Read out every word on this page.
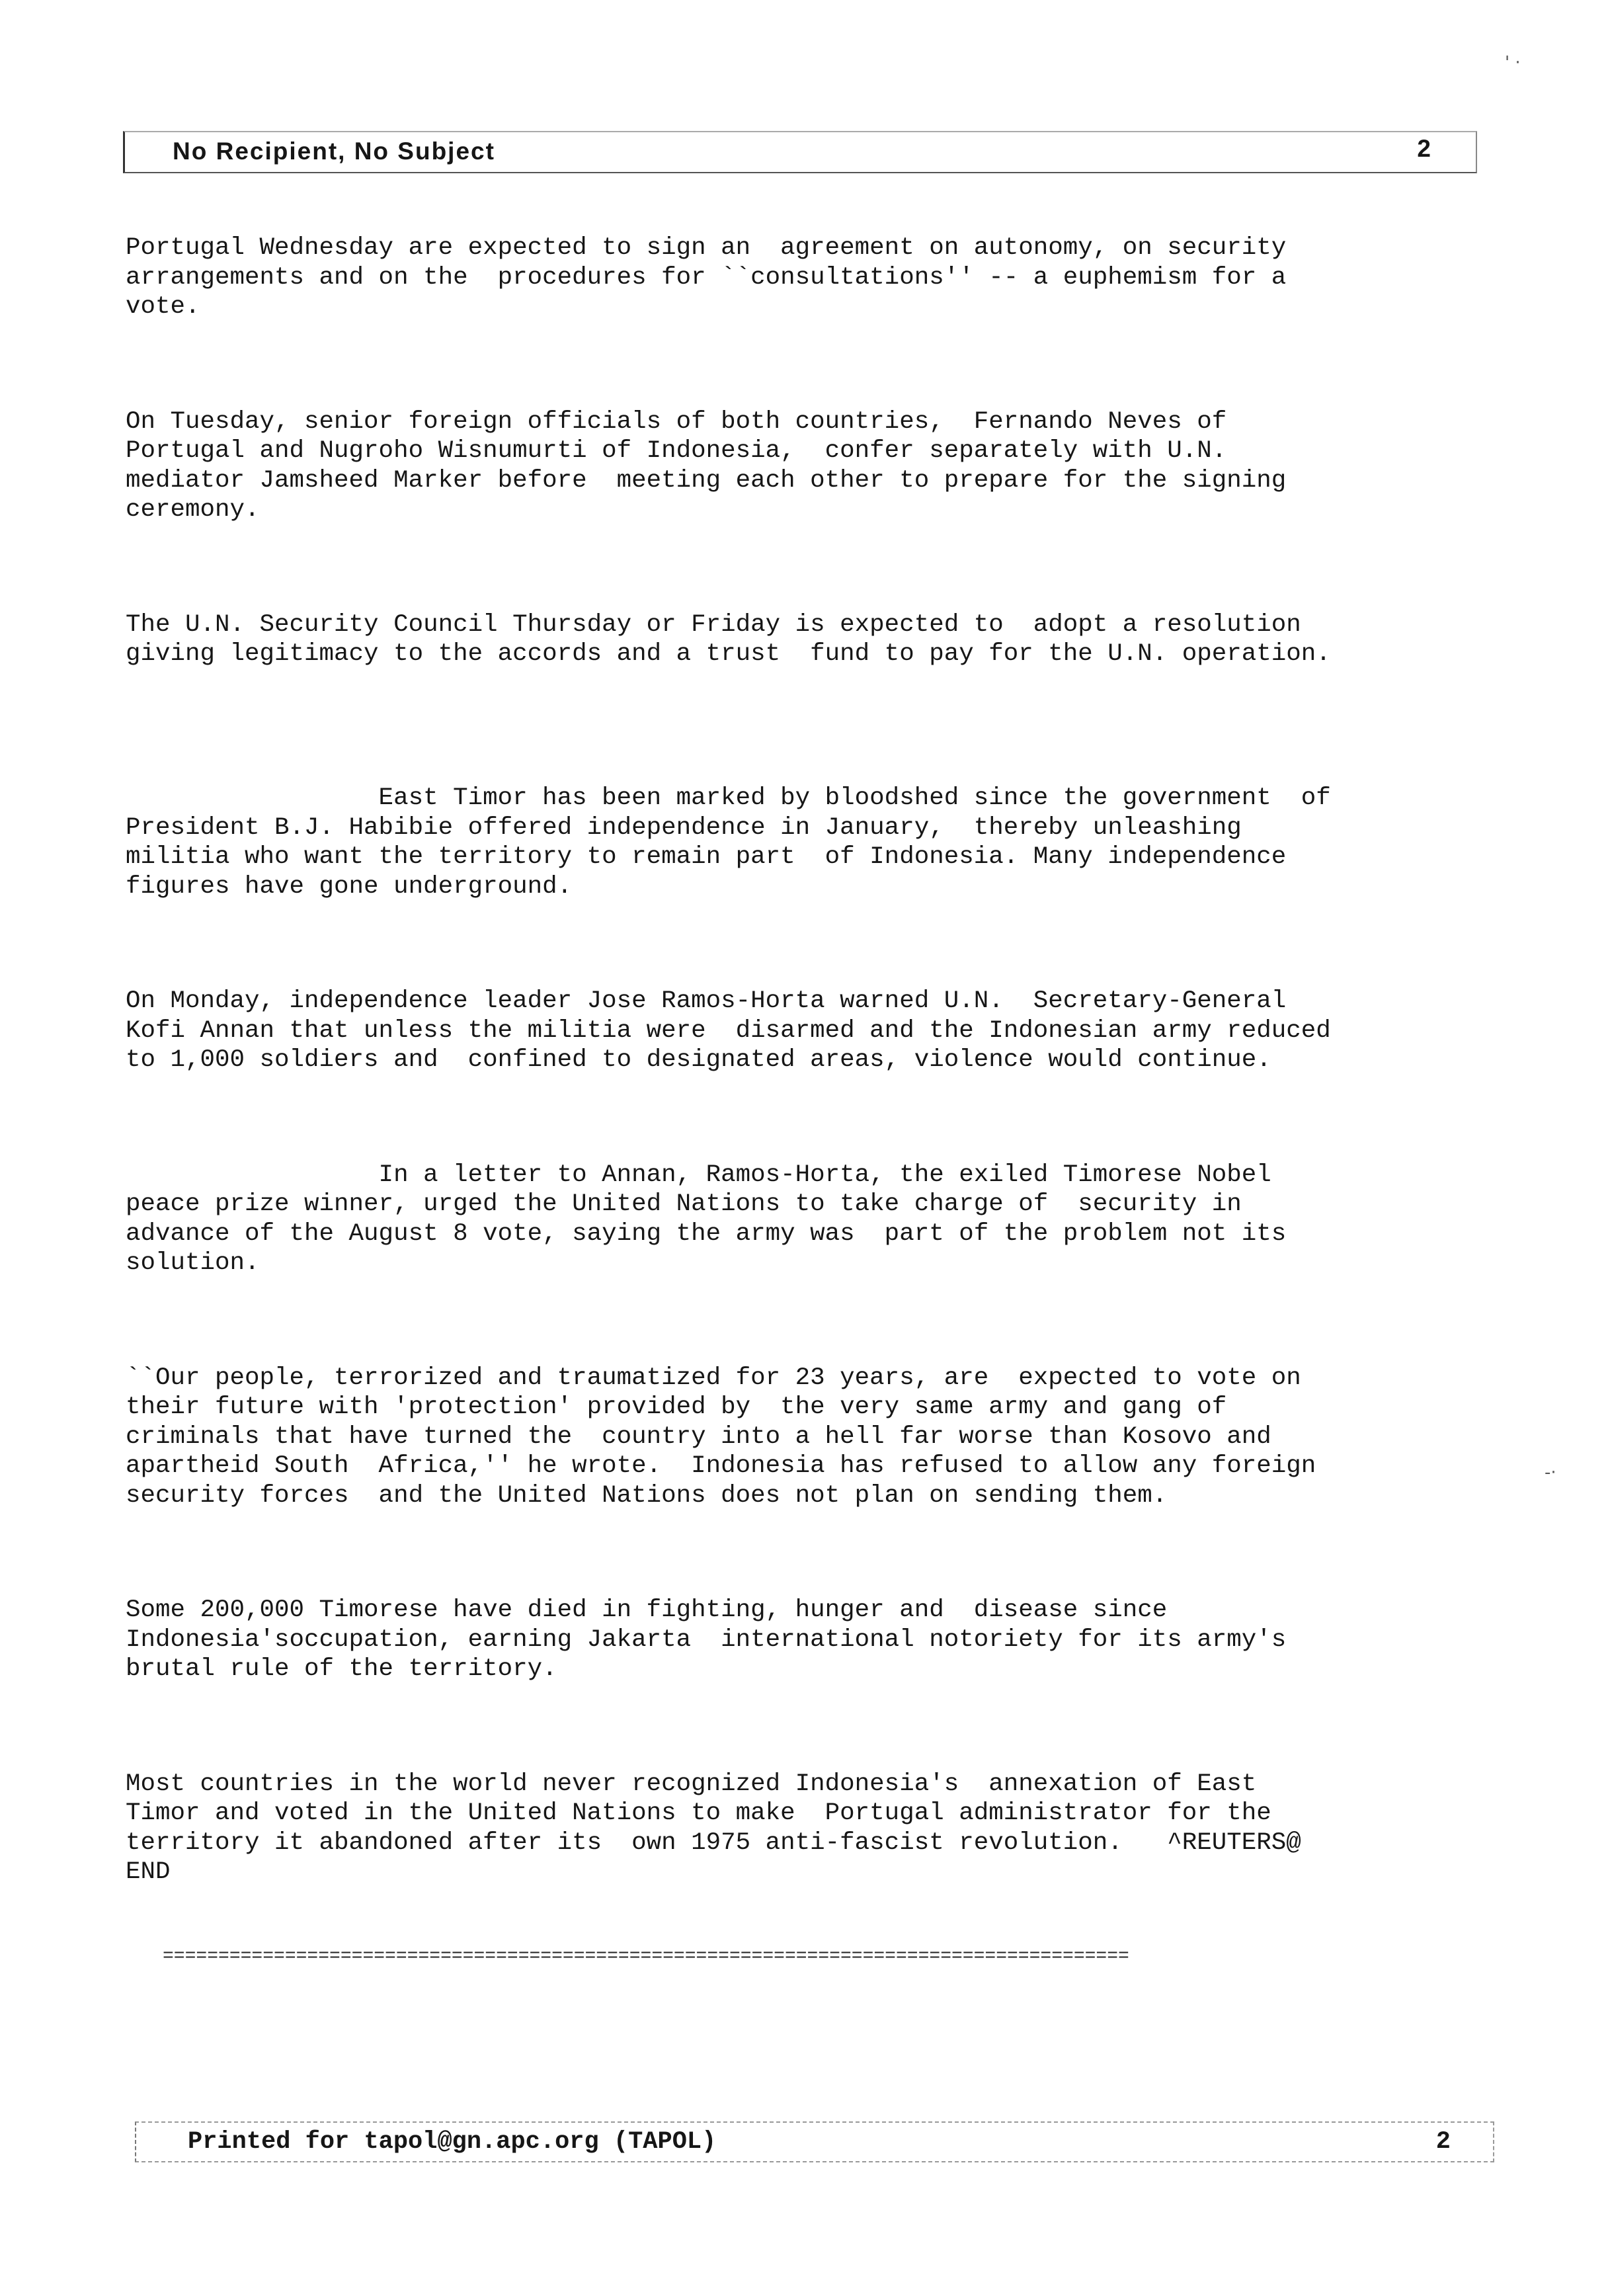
No Recipient, No Subject	2

Portugal Wednesday are expected to sign an  agreement on autonomy, on security
arrangements and on the  procedures for ``consultations'' -- a euphemism for a
vote.

On Tuesday, senior foreign officials of both countries,  Fernando Neves of
Portugal and Nugroho Wisnumurti of Indonesia,  confer separately with U.N.
mediator Jamsheed Marker before  meeting each other to prepare for the signing
ceremony.

The U.N. Security Council Thursday or Friday is expected to  adopt a resolution
giving legitimacy to the accords and a trust  fund to pay for the U.N. operation.

East Timor has been marked by bloodshed since the government  of
President B.J. Habibie offered independence in January,  thereby unleashing
militia who want the territory to remain part  of Indonesia. Many independence
figures have gone underground.

On Monday, independence leader Jose Ramos-Horta warned U.N.  Secretary-General
Kofi Annan that unless the militia were  disarmed and the Indonesian army reduced
to 1,000 soldiers and  confined to designated areas, violence would continue.

In a letter to Annan, Ramos-Horta, the exiled Timorese Nobel
peace prize winner, urged the United Nations to take charge of  security in
advance of the August 8 vote, saying the army was  part of the problem not its
solution.

``Our people, terrorized and traumatized for 23 years, are  expected to vote on
their future with 'protection' provided by  the very same army and gang of
criminals that have turned the  country into a hell far worse than Kosovo and
apartheid South  Africa,'' he wrote.  Indonesia has refused to allow any foreign
security forces  and the United Nations does not plan on sending them.

Some 200,000 Timorese have died in fighting, hunger and  disease since
Indonesia'soccupation, earning Jakarta  international notoriety for its army's
brutal rule of the territory.

Most countries in the world never recognized Indonesia's  annexation of East
Timor and voted in the United Nations to make  Portugal administrator for the
territory it abandoned after its  own 1975 anti-fascist revolution.   ^REUTERS@
END

=======================================================================================

Printed for tapol@gn.apc.org (TAPOL)	2
' ·
-·
